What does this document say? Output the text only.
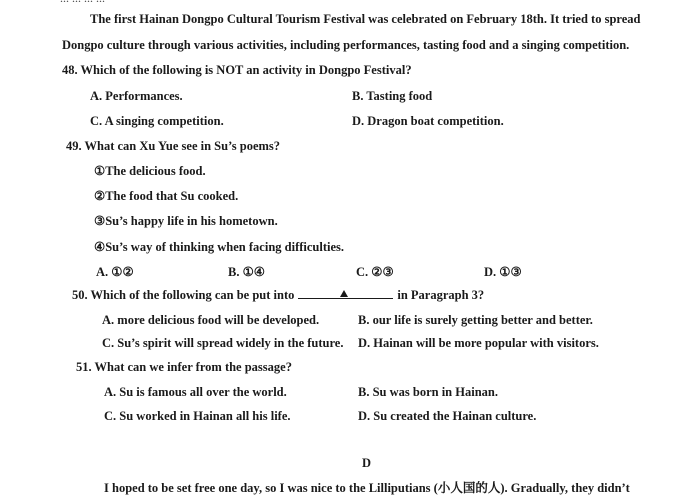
The first Hainan Dongpo Cultural Tourism Festival was celebrated on February 18th. It tried to spread
Dongpo culture through various activities, including performances, tasting food and a singing competition.
48. Which of the following is NOT an activity in Dongpo Festival?
A. Performances.	B. Tasting food
C. A singing competition.	D. Dragon boat competition.
49. What can Xu Yue see in Su’s poems?
①The delicious food.
②The food that Su cooked.
③Su’s happy life in his hometown.
④Su’s way of thinking when facing difficulties.
A. ①②	B. ①④	C. ②③	D. ①③
50. Which of the following can be put into	in Paragraph 3?
A. more delicious food will be developed.	B. our life is surely getting better and better.
C. Su’s spirit will spread widely in the future. D. Hainan will be more popular with visitors.
51. What can we infer from the passage?
A. Su is famous all over the world.	B. Su was born in Hainan.
C. Su worked in Hainan all his life.	D. Su created the Hainan culture.
D
I hoped to be set free one day, so I was nice to the Lilliputians (小人国的人). Gradually, they didn’t
